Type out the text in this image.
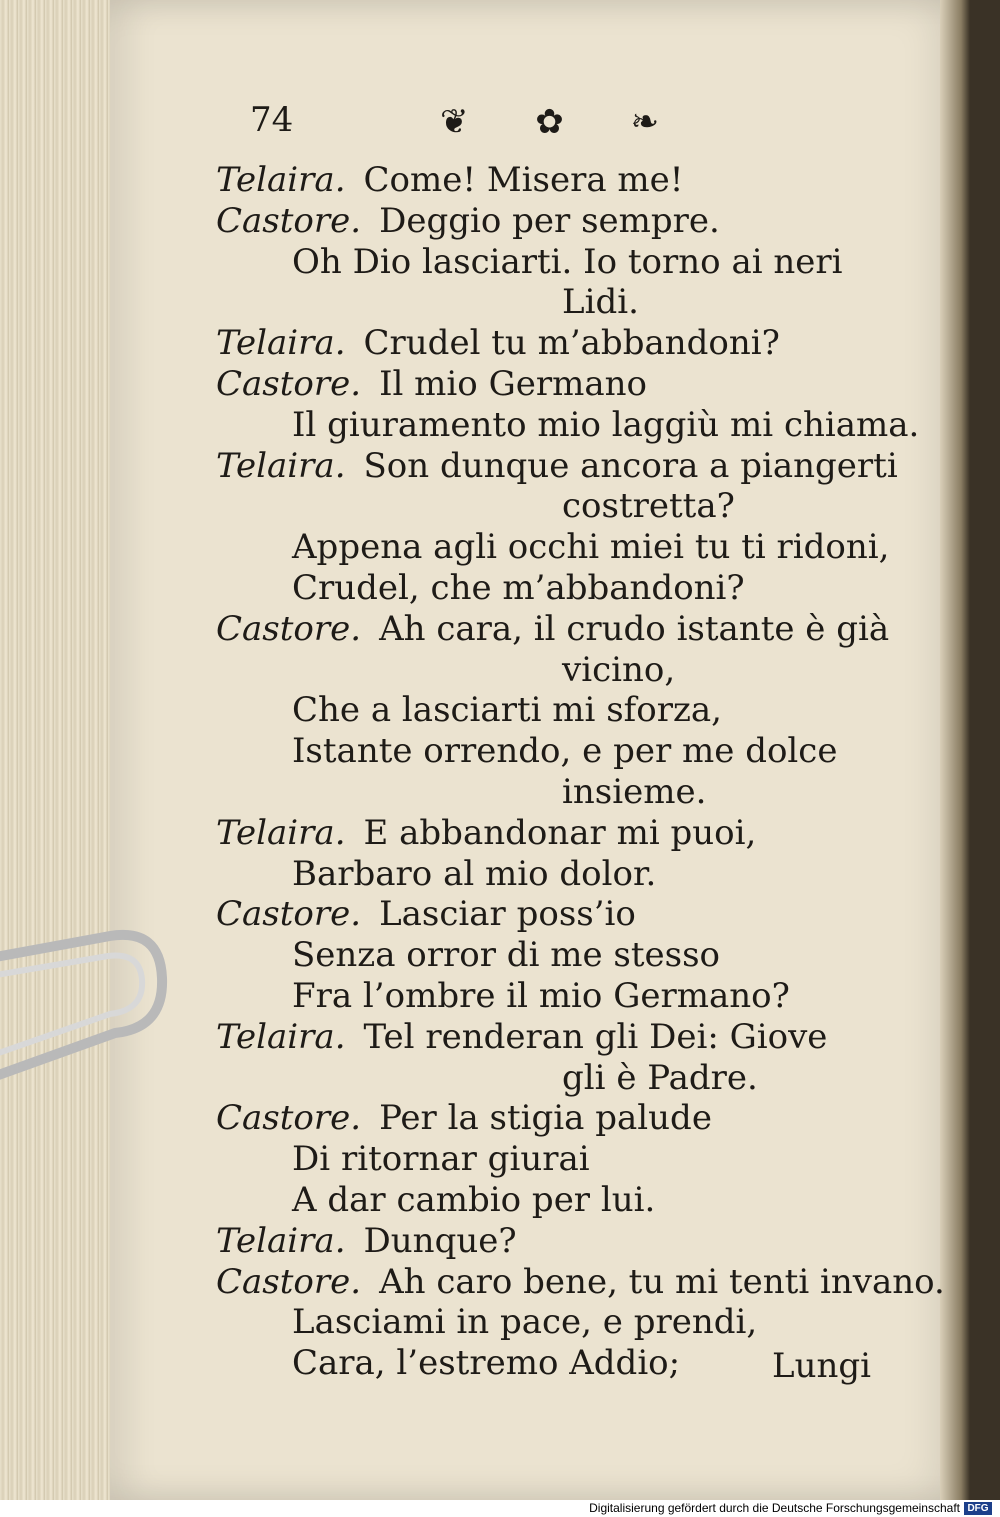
74	❦ ✿ ❧
Telaira. Come! Misera me!
Castore. Deggio per sempre.
Oh Dio lasciarti. Io torno ai neri
Lidi.
Telaira. Crudel tu m’abbandoni?
Castore. Il mio Germano
Il giuramento mio laggiù mi chiama.
Telaira. Son dunque ancora a piangerti
costretta?
Appena agli occhi miei tu ti ridoni,
Crudel, che m’abbandoni?
Castore. Ah cara, il crudo istante è già
vicino,
Che a lasciarti mi sforza,
Istante orrendo, e per me dolce
insieme.
Telaira. E abbandonar mi puoi,
Barbaro al mio dolor.
Castore. Lasciar poss’io
Senza orror di me stesso
Fra l’ombre il mio Germano?
Telaira. Tel renderan gli Dei: Giove
gli è Padre.
Castore. Per la stigia palude
Di ritornar giurai
A dar cambio per lui.
Telaira. Dunque?
Castore. Ah caro bene, tu mi tenti invano.
Lasciami in pace, e prendi,
Cara, l’estremo Addio;	Lungi
Digitalisierung gefördert durch die Deutsche Forschungsgemeinschaft DFG
